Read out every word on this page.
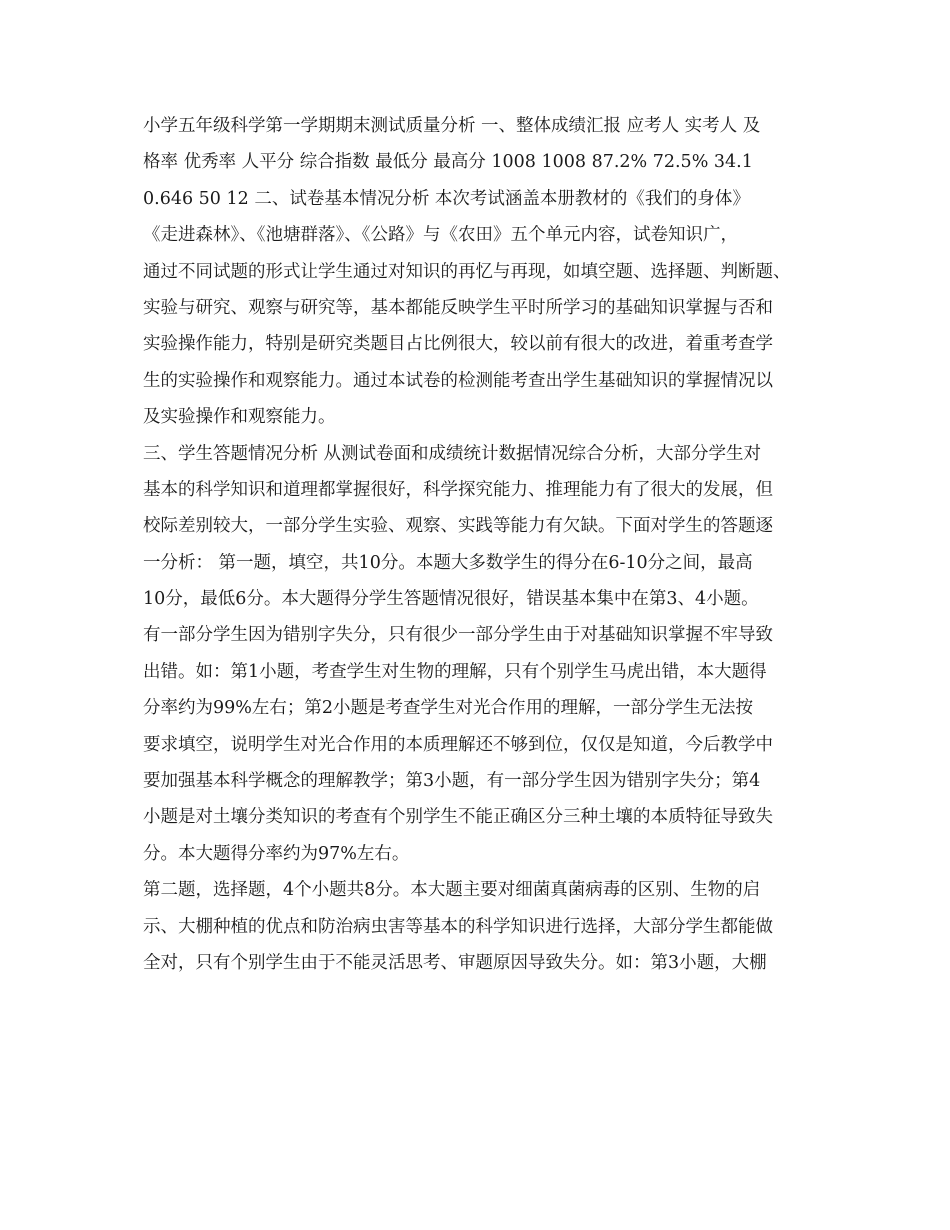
小学五年级科学第一学期期末测试质量分析 一、整体成绩汇报 应考人 实考人 及
格率 优秀率 人平分 综合指数 最低分 最高分 1008 1008 87.2% 72.5% 34.1
0.646 50 12 二、试卷基本情况分析 本次考试涵盖本册教材的《我们的身体》
《走进森林》、《池塘群落》、《公路》与《农田》五个单元内容，试卷知识广，
通过不同试题的形式让学生通过对知识的再忆与再现，如填空题、选择题、判断题、
实验与研究、观察与研究等，基本都能反映学生平时所学习的基础知识掌握与否和
实验操作能力，特别是研究类题目占比例很大，较以前有很大的改进，着重考查学
生的实验操作和观察能力。通过本试卷的检测能考查出学生基础知识的掌握情况以
及实验操作和观察能力。
三、学生答题情况分析 从测试卷面和成绩统计数据情况综合分析，大部分学生对
基本的科学知识和道理都掌握很好，科学探究能力、推理能力有了很大的发展，但
校际差别较大，一部分学生实验、观察、实践等能力有欠缺。下面对学生的答题逐
一分析： 第一题，填空，共10分。本题大多数学生的得分在6-10分之间，最高
10分，最低6分。本大题得分学生答题情况很好，错误基本集中在第3、4小题。
有一部分学生因为错别字失分，只有很少一部分学生由于对基础知识掌握不牢导致
出错。如：第1小题，考查学生对生物的理解，只有个别学生马虎出错，本大题得
分率约为99%左右；第2小题是考查学生对光合作用的理解，一部分学生无法按
要求填空，说明学生对光合作用的本质理解还不够到位，仅仅是知道，今后教学中
要加强基本科学概念的理解教学；第3小题，有一部分学生因为错别字失分；第4
小题是对土壤分类知识的考查有个别学生不能正确区分三种土壤的本质特征导致失
分。本大题得分率约为97%左右。
第二题，选择题，4个小题共8分。本大题主要对细菌真菌病毒的区别、生物的启
示、大棚种植的优点和防治病虫害等基本的科学知识进行选择，大部分学生都能做
全对，只有个别学生由于不能灵活思考、审题原因导致失分。如：第3小题，大棚
